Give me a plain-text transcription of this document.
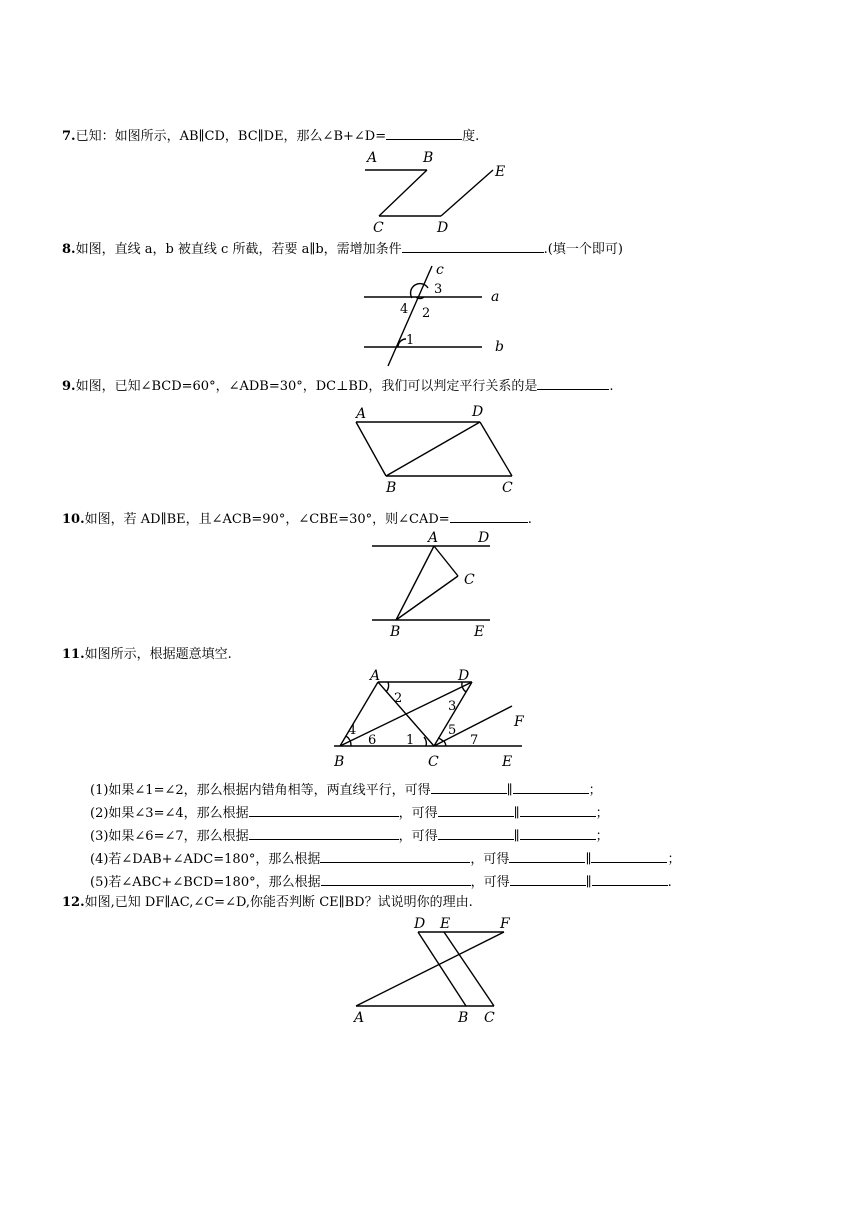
7.已知：如图所示，AB∥CD，BC∥DE，那么∠B+∠D=	度.
A	B
C	D
E
8.如图，直线 a，b 被直线 c 所截，若要 a∥b，需增加条件	.(填一个即可)
c
a
b
3
2
4
1
9.如图，已知∠BCD=60°，∠ADB=30°，DC⊥BD，我们可以判定平行关系的是	.
A	D
B	C
10.如图，若 AD∥BE，且∠ACB=90°，∠CBE=30°，则∠CAD=	.
A	D
C
B	E
11.如图所示，根据题意填空.
A	D
B	C	E
F
2
3
4
6 1
5
7
(1)如果∠1=∠2，那么根据内错角相等，两直线平行，可得	∥	；
(2)如果∠3=∠4，那么根据	，可得	∥	；
(3)如果∠6=∠7，那么根据	，可得	∥	；
(4)若∠DAB+∠ADC=180°，那么根据	，可得	∥	；
(5)若∠ABC+∠BCD=180°，那么根据	，可得	∥	.
12.如图,已知 DF∥AC,∠C=∠D,你能否判断 CE∥BD？试说明你的理由.
D E	F
A	B C
